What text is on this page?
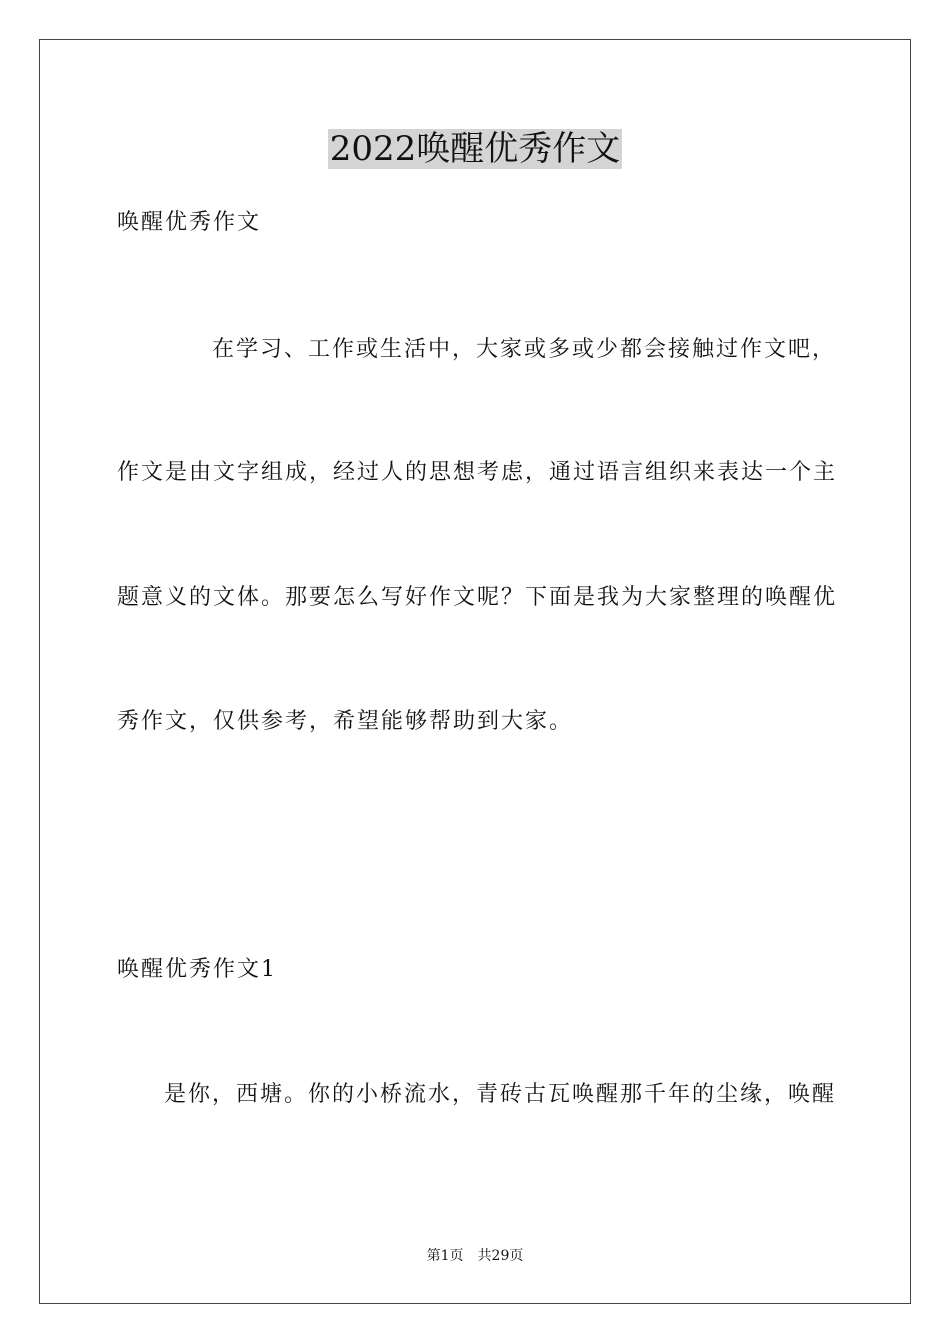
2022唤醒优秀作文
唤醒优秀作文
在学习、工作或生活中，大家或多或少都会接触过作文吧，
作文是由文字组成，经过人的思想考虑，通过语言组织来表达一个主
题意义的文体。那要怎么写好作文呢？下面是我为大家整理的唤醒优
秀作文，仅供参考，希望能够帮助到大家。
唤醒优秀作文1
是你，西塘。你的小桥流水，青砖古瓦唤醒那千年的尘缘，唤醒
第1页 共29页
